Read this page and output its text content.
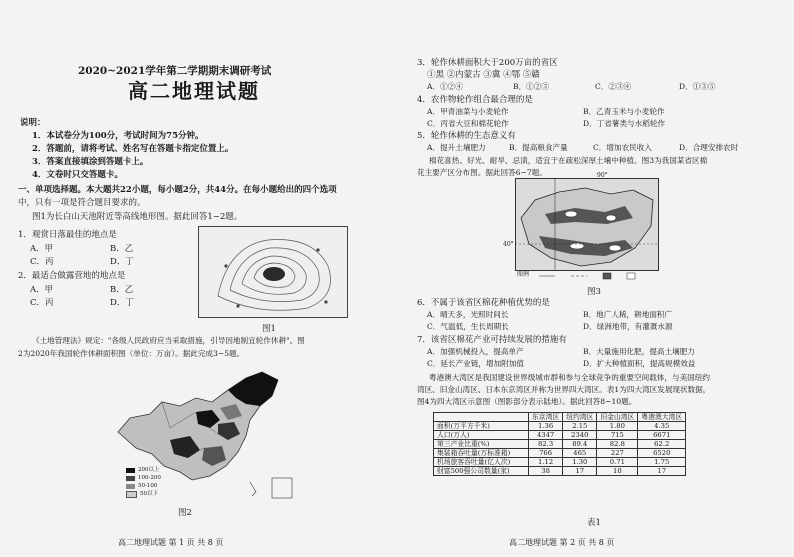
2020~2021学年第二学期期末调研考试
高二地理试题
说明：
1．本试卷分为100分，考试时间为75分钟。
2．答题前，请将考试、姓名写在答题卡指定位置上。
3．答案直接填涂到答题卡上。
4．文卷时只交答题卡。
一、单项选择题。本大题共22小题，每小题2分，共44分。在每小题给出的四个选项
中，只有一项是符合题目要求的。
图1为长白山天池附近等高线地形图。据此回答1~2题。
1．观赏日落最佳的地点是
A．甲	B．乙
C．丙	D．丁
2．最适合做露营地的地点是
A．甲	B．乙
C．丙	D．丁
图1
《土地管理法》规定："各级人民政府应当采取措施，引导因地制宜轮作休耕"。图
2为2020年我国轮作休耕面积图（单位：万亩）。据此完成3~5题。
200以上
100-200
50-100
50以下
图2
高二地理试题 第 1 页 共 8 页
3．轮作休耕面积大于200万亩的省区
①黑 ②内蒙古 ③冀 ④鄂 ⑤赣
A．①②④	B．①②③	C．②③④	D．①③⑤
4．农作物轮作组合最合理的是
A．甲青油菜与小麦轮作	B．乙青玉米与小麦轮作
C．丙省大豆和棉花轮作	D．丁省薯类与水稻轮作
5．轮作休耕的生态意义有
A．提升土壤肥力	B．提高粮食产量	C．增加农民收入	D．合理安排农时
棉花喜热、好光、耐旱、忌渍，适宜于在疏松深厚土壤中种植。图3为我国某省区棉
花主要产区分布图。据此回答6~7题。	90°
40°
图例
图3
6．不属于该省区棉花种植优势的是
A．晴天多，光照时间长	B．地广人稀，耕地面积广
C．气温低，生长周期长	D．绿洲地带，有灌溉水源
7．该省区棉花产业可持续发展的措施有
A．加强机械投入，提高单产	B．大量施用化肥，提高土壤肥力
C．延长产业链，增加附加值	D．扩大种植面积，提高规模效益
粤港澳大湾区是我国建设世界级城市群和参与全球竞争的重要空间载体，与美国纽约
湾区、旧金山湾区、日本东京湾区并称为世界四大湾区。表1为四大湾区发展现状数据，
图4为四大湾区示意图（图影部分表示陆地）。据此回答8~10题。
	东京湾区	纽约湾区	旧金山湾区	粤港澳大湾区
面积(万平方千米)	1.36	2.15	1.80	4.35
人口(万人)	4347	2340	715	6671
第三产业比重(%)	82.3	89.4	82.8	62.2
集装箱吞吐量(万标准箱)	766	465	227	6520
机场旅客吞吐量(亿人次)	1.12	1.30	0.71	1.75
财富500强公司数量(家)	38	17	10	17
表1
高二地理试题 第 2 页 共 8 页
